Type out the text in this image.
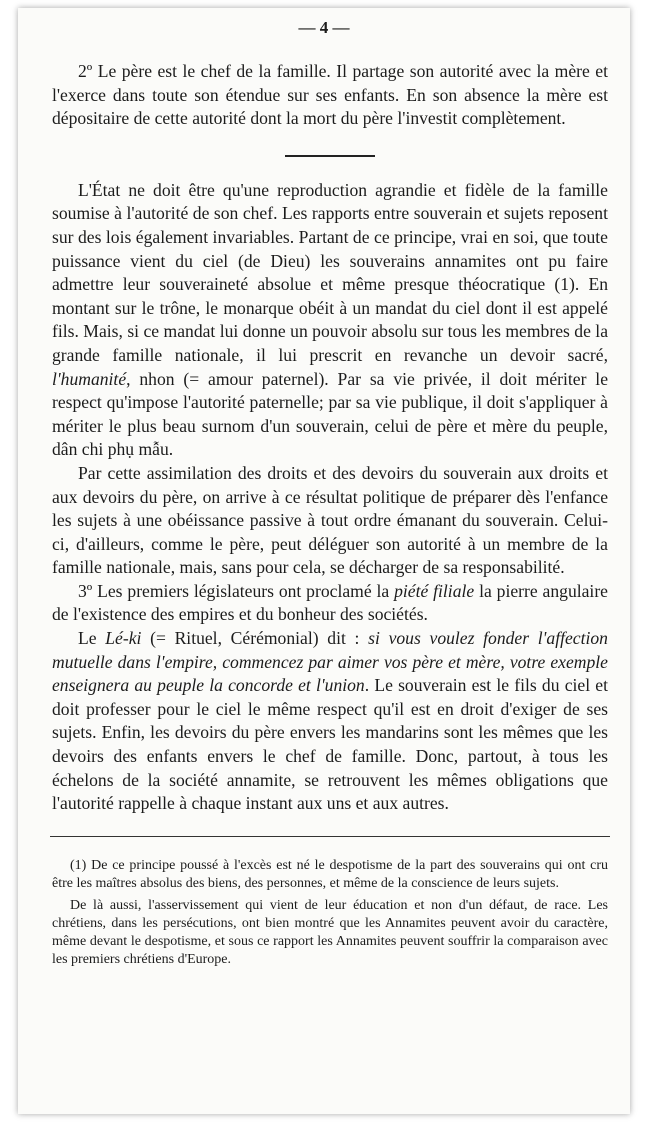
— 4 —

2º Le père est le chef de la famille. Il partage son autorité avec la mère et l'exerce dans toute son étendue sur ses enfants. En son absence la mère est dépositaire de cette autorité dont la mort du père l'investit complètement.

L'État ne doit être qu'une reproduction agrandie et fidèle de la famille soumise à l'autorité de son chef. Les rapports entre souverain et sujets reposent sur des lois également invariables. Partant de ce principe, vrai en soi, que toute puissance vient du ciel (de Dieu) les souverains annamites ont pu faire admettre leur souveraineté absolue et même presque théocratique (1). En montant sur le trône, le monarque obéit à un mandat du ciel dont il est appelé fils. Mais, si ce mandat lui donne un pouvoir absolu sur tous les membres de la grande famille nationale, il lui prescrit en revanche un devoir sacré, l'humanité, nhon (= amour paternel). Par sa vie privée, il doit mériter le respect qu'impose l'autorité paternelle; par sa vie publique, il doit s'appliquer à mériter le plus beau surnom d'un souverain, celui de père et mère du peuple, dân chi phụ mẫu.

Par cette assimilation des droits et des devoirs du souverain aux droits et aux devoirs du père, on arrive à ce résultat politique de préparer dès l'enfance les sujets à une obéissance passive à tout ordre émanant du souverain. Celui-ci, d'ailleurs, comme le père, peut déléguer son autorité à un membre de la famille nationale, mais, sans pour cela, se décharger de sa responsabilité.

3º Les premiers législateurs ont proclamé la piété filiale la pierre angulaire de l'existence des empires et du bonheur des sociétés.

Le Lé-ki (= Rituel, Cérémonial) dit : si vous voulez fonder l'affection mutuelle dans l'empire, commencez par aimer vos père et mère, votre exemple enseignera au peuple la concorde et l'union. Le souverain est le fils du ciel et doit professer pour le ciel le même respect qu'il est en droit d'exiger de ses sujets. Enfin, les devoirs du père envers les mandarins sont les mêmes que les devoirs des enfants envers le chef de famille. Donc, partout, à tous les échelons de la société annamite, se retrouvent les mêmes obligations que l'autorité rappelle à chaque instant aux uns et aux autres.

(1) De ce principe poussé à l'excès est né le despotisme de la part des souverains qui ont cru être les maîtres absolus des biens, des personnes, et même de la conscience de leurs sujets.

De là aussi, l'asservissement qui vient de leur éducation et non d'un défaut, de race. Les chrétiens, dans les persécutions, ont bien montré que les Annamites peuvent avoir du caractère, même devant le despotisme, et sous ce rapport les Annamites peuvent souffrir la comparaison avec les premiers chrétiens d'Europe.
